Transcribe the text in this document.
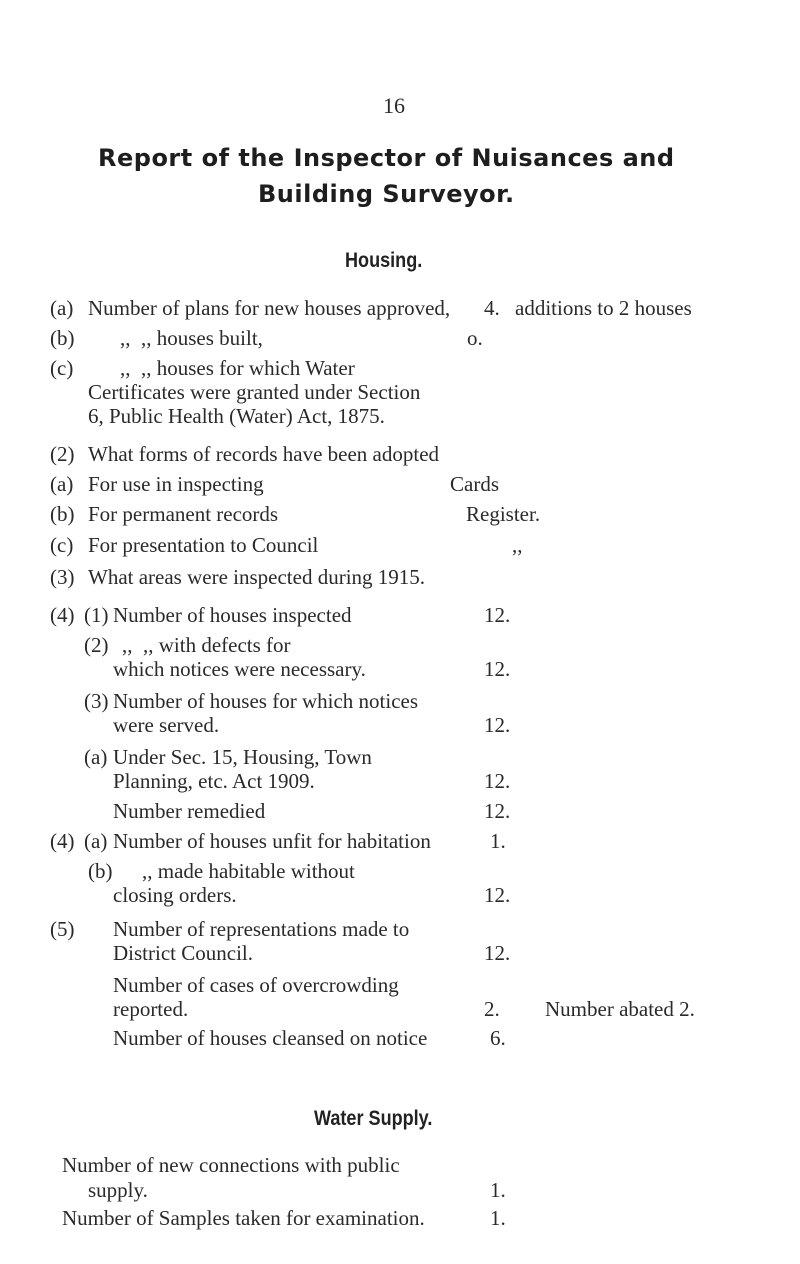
16
Report of the Inspector of Nuisances and
Building Surveyor.
Housing.
(a) Number of plans for new houses approved, 4. additions to 2 houses
(b) ,,  ,, houses built,	o.
(c) ,,  ,, houses for which Water
Certificates were granted under Section
6, Public Health (Water) Act, 1875.
(2) What forms of records have been adopted
(a) For use in inspecting	Cards
(b) For permanent records	Register.
(c) For presentation to Council	,,
(3) What areas were inspected during 1915.
(4) (1) Number of houses inspected	12.
(2) ,,  ,, with defects for
which notices were necessary.	12.
(3) Number of houses for which notices
were served.	12.
(a) Under Sec. 15, Housing, Town
Planning, etc. Act 1909.	12.
Number remedied	12.
(4) (a) Number of houses unfit for habitation	1.
(b) ,, made habitable without
closing orders.	12.
(5) Number of representations made to
District Council.	12.
Number of cases of overcrowding
reported.	2. Number abated 2.
Number of houses cleansed on notice	6.
Water Supply.
Number of new connections with public
supply.	1.
Number of Samples taken for examination.	1.
